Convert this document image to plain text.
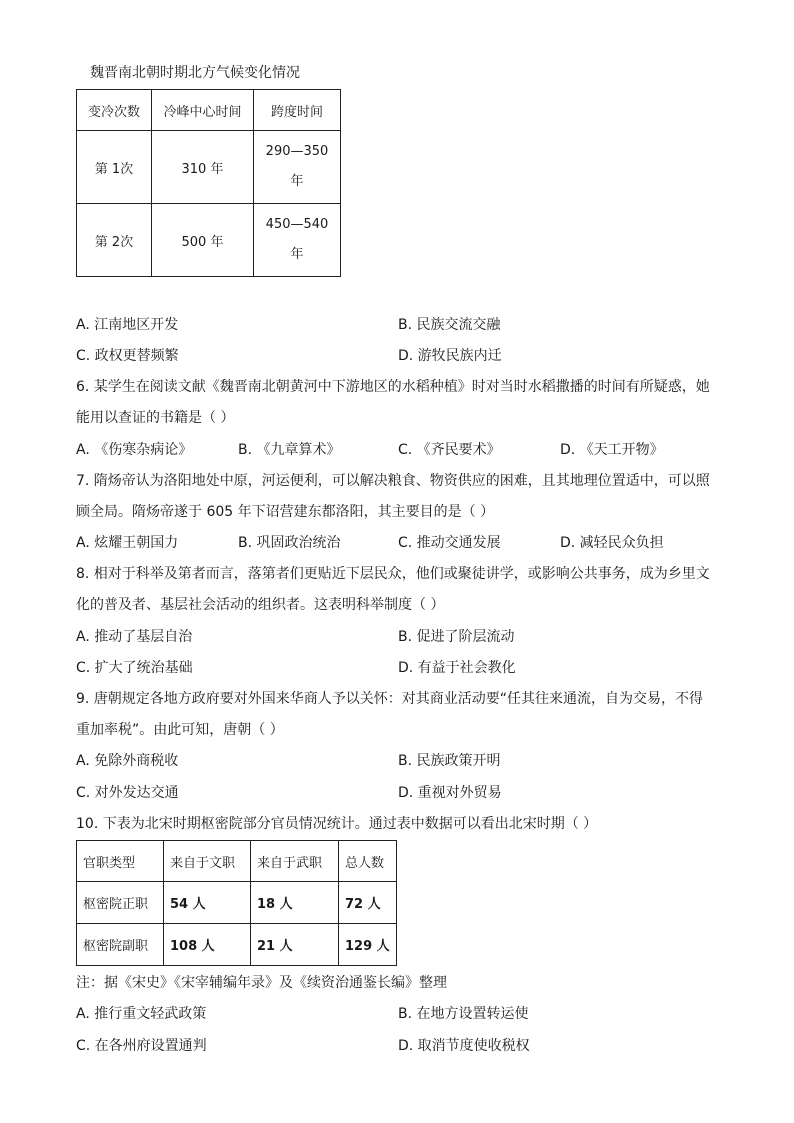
魏晋南北朝时期北方气候变化情况
变冷次数	冷峰中心时间	跨度时间
第 1次	310 年	290—350
年

第 2次	500 年	450—540
年
A. 江南地区开发	B. 民族交流交融
C. 政权更替频繁	D. 游牧民族内迁
6. 某学生在阅读文献《魏晋南北朝黄河中下游地区的水稻种植》时对当时水稻撒播的时间有所疑惑，她
能用以查证的书籍是（ ）
A. 《伤寒杂病论》	B. 《九章算术》	C. 《齐民要术》	D. 《天工开物》
7. 隋炀帝认为洛阳地处中原，河运便利，可以解决粮食、物资供应的困难，且其地理位置适中，可以照
顾全局。隋炀帝遂于 605 年下诏营建东都洛阳，其主要目的是（ ）
A. 炫耀王朝国力	B. 巩固政治统治	C. 推动交通发展	D. 减轻民众负担
8. 相对于科举及第者而言，落第者们更贴近下层民众，他们或聚徒讲学，或影响公共事务，成为乡里文
化的普及者、基层社会活动的组织者。这表明科举制度（ ）
A. 推动了基层自治	B. 促进了阶层流动
C. 扩大了统治基础	D. 有益于社会教化
9. 唐朝规定各地方政府要对外国来华商人予以关怀：对其商业活动要“任其往来通流，自为交易，不得
重加率税”。由此可知，唐朝（ ）
A. 免除外商税收	B. 民族政策开明
C. 对外发达交通	D. 重视对外贸易
10. 下表为北宋时期枢密院部分官员情况统计。通过表中数据可以看出北宋时期（ ）
官职类型	来自于文职	来自于武职	总人数
枢密院正职	54 人	18 人	72 人
枢密院副职	108 人	21 人	129 人
注：据《宋史》《宋宰辅编年录》及《续资治通鉴长编》整理
A. 推行重文轻武政策	B. 在地方设置转运使
C. 在各州府设置通判	D. 取消节度使收税权
